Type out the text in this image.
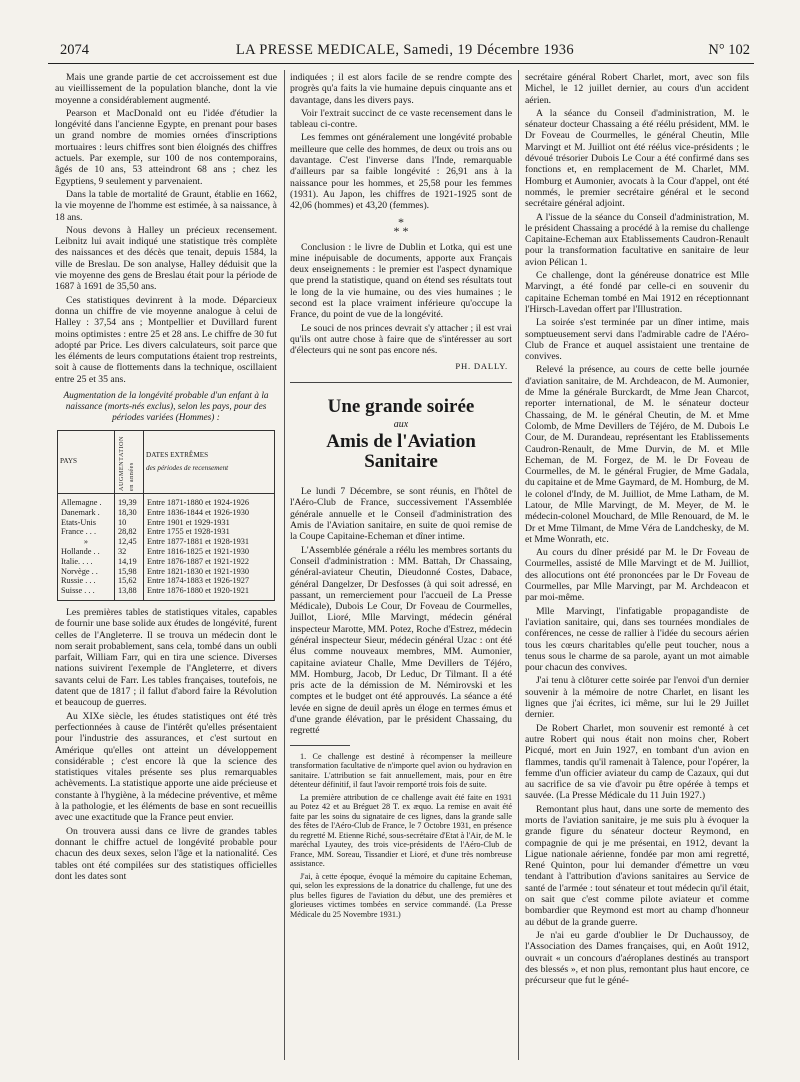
2074	LA PRESSE MEDICALE, Samedi, 19 Décembre 1936	N° 102

Mais une grande partie de cet accroissement est due au vieillissement de la population blanche, dont la vie moyenne a considérablement augmenté.

Pearson et MacDonald ont eu l'idée d'étudier la longévité dans l'ancienne Egypte, en prenant pour bases un grand nombre de momies ornées d'inscriptions mortuaires : leurs chiffres sont bien éloignés des chiffres actuels. Par exemple, sur 100 de nos contemporains, âgés de 10 ans, 53 atteindront 68 ans ; chez les Egyptiens, 9 seulement y parvenaient.

Dans la table de mortalité de Graunt, établie en 1662, la vie moyenne de l'homme est estimée, à sa naissance, à 18 ans.

Nous devons à Halley un précieux recensement. Leibnitz lui avait indiqué une statistique très complète des naissances et des décès que tenait, depuis 1584, la ville de Breslau. De son analyse, Halley déduisit que la vie moyenne des gens de Breslau était pour la période de 1687 à 1691 de 35,50 ans.

Ces statistiques devinrent à la mode. Déparcieux donna un chiffre de vie moyenne analogue à celui de Halley : 37,54 ans ; Montpellier et Duvillard furent moins optimistes : entre 25 et 28 ans. Le chiffre de 30 fut adopté par Price. Les divers calculateurs, soit parce que les éléments de leurs computations étaient trop restreints, soit à cause de flottements dans la technique, oscillaient entre 25 et 35 ans.

Augmentation de la longévité probable d'un enfant à la naissance (morts-nés exclus), selon les pays, pour des périodes variées (Hommes) :
PAYS	AUGMENTATION en années	DATES EXTRÊMES
des périodes de recensement

Allemagne .	19,39	Entre 1871-1880 et 1924-1926
Danemark .	18,30	Entre 1836-1844 et 1926-1930
Etats-Unis	10	Entre 1901 et 1929-1931
France . . .	28,82	Entre 1755 et 1928-1931
»	12,45	Entre 1877-1881 et 1928-1931
Hollande . .	32	Entre 1816-1825 et 1921-1930
Italie. . . .	14,19	Entre 1876-1887 et 1921-1922
Norvège . .	15,98	Entre 1821-1830 et 1921-1930
Russie . . .	15,62	Entre 1874-1883 et 1926-1927
Suisse . . .	13,88	Entre 1876-1880 et 1920-1921

Les premières tables de statistiques vitales, capables de fournir une base solide aux études de longévité, furent celles de l'Angleterre. Il se trouva un médecin dont le nom serait probablement, sans cela, tombé dans un oubli parfait, William Farr, qui en tira une science. Diverses nations suivirent l'exemple de l'Angleterre, et divers savants celui de Farr. Les tables françaises, toutefois, ne datent que de 1817 ; il fallut d'abord faire la Révolution et beaucoup de guerres.

Au XIXe siècle, les études statistiques ont été très perfectionnées à cause de l'intérêt qu'elles présentaient pour l'industrie des assurances, et c'est surtout en Amérique qu'elles ont atteint un développement considérable ; c'est encore là que la science des statistiques vitales présente ses plus remarquables achèvements. La statistique apporte une aide précieuse et constante à l'hygiène, à la médecine préventive, et même à la pathologie, et les éléments de base en sont recueillis avec une exactitude que la France peut envier.

On trouvera aussi dans ce livre de grandes tables donnant le chiffre actuel de longévité probable pour chacun des deux sexes, selon l'âge et la nationalité. Ces tables ont été compilées sur des statistiques officielles dont les dates sont

indiquées ; il est alors facile de se rendre compte des progrès qu'a faits la vie humaine depuis cinquante ans et davantage, dans les divers pays.

Voir l'extrait succinct de ce vaste recensement dans le tableau ci-contre.

Les femmes ont généralement une longévité probable meilleure que celle des hommes, de deux ou trois ans ou davantage. C'est l'inverse dans l'Inde, remarquable d'ailleurs par sa faible longévité : 26,91 ans à la naissance pour les hommes, et 25,58 pour les femmes (1931). Au Japon, les chiffres de 1921-1925 sont de 42,06 (hommes) et 43,20 (femmes).

*
* *

Conclusion : le livre de Dublin et Lotka, qui est une mine inépuisable de documents, apporte aux Français deux enseignements : le premier est l'aspect dynamique que prend la statistique, quand on étend ses résultats tout le long de la vie humaine, ou des vies humaines ; le second est la place vraiment inférieure qu'occupe la France, du point de vue de la longévité.

Le souci de nos princes devrait s'y attacher ; il est vrai qu'ils ont autre chose à faire que de s'intéresser au sort d'électeurs qui ne sont pas encore nés.

PH. DALLY.
Une grande soirée
aux
Amis de l'Aviation Sanitaire

Le lundi 7 Décembre, se sont réunis, en l'hôtel de l'Aéro-Club de France, successivement l'Assemblée générale annuelle et le Conseil d'administration des Amis de l'Aviation sanitaire, en suite de quoi remise de la Coupe Capitaine-Echeman et dîner intime.

L'Assemblée générale a réélu les membres sortants du Conseil d'administration : MM. Battah, Dr Chassaing, général-aviateur Cheutin, Dieudonné Costes, Dabace, général Dangelzer, Dr Desfosses (à qui soit adressé, en passant, un remerciement pour l'accueil de La Presse Médicale), Dubois Le Cour, Dr Foveau de Courmelles, Juillot, Lioré, Mlle Marvingt, médecin général inspecteur Marotte, MM. Potez, Roche d'Estrez, médecin général inspecteur Sieur, médecin général Uzac : ont été élus comme nouveaux membres, MM. Aumonier, capitaine aviateur Challe, Mme Devillers de Téjéro, MM. Homburg, Jacob, Dr Leduc, Dr Tilmant. Il a été pris acte de la démission de M. Némirovski et les comptes et le budget ont été approuvés. La séance a été levée en signe de deuil après un éloge en termes émus et d'une grande élévation, par le président Chassaing, du regretté

1. Ce challenge est destiné à récompenser la meilleure transformation facultative de n'importe quel avion ou hydravion en sanitaire. L'attribution se fait annuellement, mais, pour en être détenteur définitif, il faut l'avoir remporté trois fois de suite.

La première attribution de ce challenge avait été faite en 1931 au Potez 42 et au Bréguet 28 T. ex æquo. La remise en avait été faite par les soins du signataire de ces lignes, dans la grande salle des fêtes de l'Aéro-Club de France, le 7 Octobre 1931, en présence du regretté M. Etienne Riché, sous-secrétaire d'Etat à l'Air, de M. le maréchal Lyautey, des trois vice-présidents de l'Aéro-Club de France, MM. Soreau, Tissandier et Lioré, et d'une très nombreuse assistance.

J'ai, à cette époque, évoqué la mémoire du capitaine Echeman, qui, selon les expressions de la donatrice du challenge, fut une des plus belles figures de l'aviation du début, une des premières et glorieuses victimes tombées en service commandé. (La Presse Médicale du 25 Novembre 1931.)

secrétaire général Robert Charlet, mort, avec son fils Michel, le 12 juillet dernier, au cours d'un accident aérien.

A la séance du Conseil d'administration, M. le sénateur docteur Chassaing a été réélu président, MM. le Dr Foveau de Courmelles, le général Cheutin, Mlle Marvingt et M. Juilliot ont été réélus vice-présidents ; le dévoué trésorier Dubois Le Cour a été confirmé dans ses fonctions et, en remplacement de M. Charlet, MM. Homburg et Aumonier, avocats à la Cour d'appel, ont été nommés, le premier secrétaire général et le second secrétaire général adjoint.

A l'issue de la séance du Conseil d'administration, M. le président Chassaing a procédé à la remise du challenge Capitaine-Echeman aux Etablissements Caudron-Renault pour la transformation facultative en sanitaire de leur avion Pélican 1.

Ce challenge, dont la généreuse donatrice est Mlle Marvingt, a été fondé par celle-ci en souvenir du capitaine Echeman tombé en Mai 1912 en réceptionnant l'Hirsch-Lavedan offert par l'Illustration.

La soirée s'est terminée par un dîner intime, mais somptueusement servi dans l'admirable cadre de l'Aéro-Club de France et auquel assistaient une trentaine de convives.

Relevé la présence, au cours de cette belle journée d'aviation sanitaire, de M. Archdeacon, de M. Aumonier, de Mme la générale Burckardt, de Mme Jean Charcot, reporter international, de M. le sénateur docteur Chassaing, de M. le général Cheutin, de M. et Mme Colomb, de Mme Devillers de Téjéro, de M. Dubois Le Cour, de M. Durandeau, représentant les Etablissements Caudron-Renault, de Mme Durvin, de M. et Mlle Echeman, de M. Forgez, de M. le Dr Foveau de Courmelles, de M. le général Frugier, de Mme Gadala, du capitaine et de Mme Gaymard, de M. Homburg, de M. le colonel d'Indy, de M. Juilliot, de Mme Latham, de M. Latour, de Mlle Marvingt, de M. Meyer, de M. le médecin-colonel Mouchard, de Mlle Renouard, de M. le Dr et Mme Tilmant, de Mme Véra de Landchesky, de M. et Mme Wonrath, etc.

Au cours du dîner présidé par M. le Dr Foveau de Courmelles, assisté de Mlle Marvingt et de M. Juilliot, des allocutions ont été prononcées par le Dr Foveau de Courmelles, par Mlle Marvingt, par M. Archdeacon et par moi-même.

Mlle Marvingt, l'infatigable propagandiste de l'aviation sanitaire, qui, dans ses tournées mondiales de conférences, ne cesse de rallier à l'idée du secours aérien tous les cœurs charitables qu'elle peut toucher, nous a tenus sous le charme de sa parole, ayant un mot aimable pour chacun des convives.

J'ai tenu à clôturer cette soirée par l'envoi d'un dernier souvenir à la mémoire de notre Charlet, en lisant les lignes que j'ai écrites, ici même, sur lui le 29 Juillet dernier.

De Robert Charlet, mon souvenir est remonté à cet autre Robert qui nous était non moins cher, Robert Picqué, mort en Juin 1927, en tombant d'un avion en flammes, tandis qu'il ramenait à Talence, pour l'opérer, la femme d'un officier aviateur du camp de Cazaux, qui dut au sacrifice de sa vie d'avoir pu être opérée à temps et sauvée. (La Presse Médicale du 11 Juin 1927.)

Remontant plus haut, dans une sorte de memento des morts de l'aviation sanitaire, je me suis plu à évoquer la grande figure du sénateur docteur Reymond, en compagnie de qui je me présentai, en 1912, devant la Ligue nationale aérienne, fondée par mon ami regretté, René Quinton, pour lui demander d'émettre un vœu tendant à l'attribution d'avions sanitaires au Service de santé de l'armée : tout sénateur et tout médecin qu'il était, on sait que c'est comme pilote aviateur et comme bombardier que Reymond est mort au champ d'honneur au début de la grande guerre.

Je n'ai eu garde d'oublier le Dr Duchaussoy, de l'Association des Dames françaises, qui, en Août 1912, ouvrait « un concours d'aéroplanes destinés au transport des blessés », et non plus, remontant plus haut encore, ce précurseur que fut le géné-
